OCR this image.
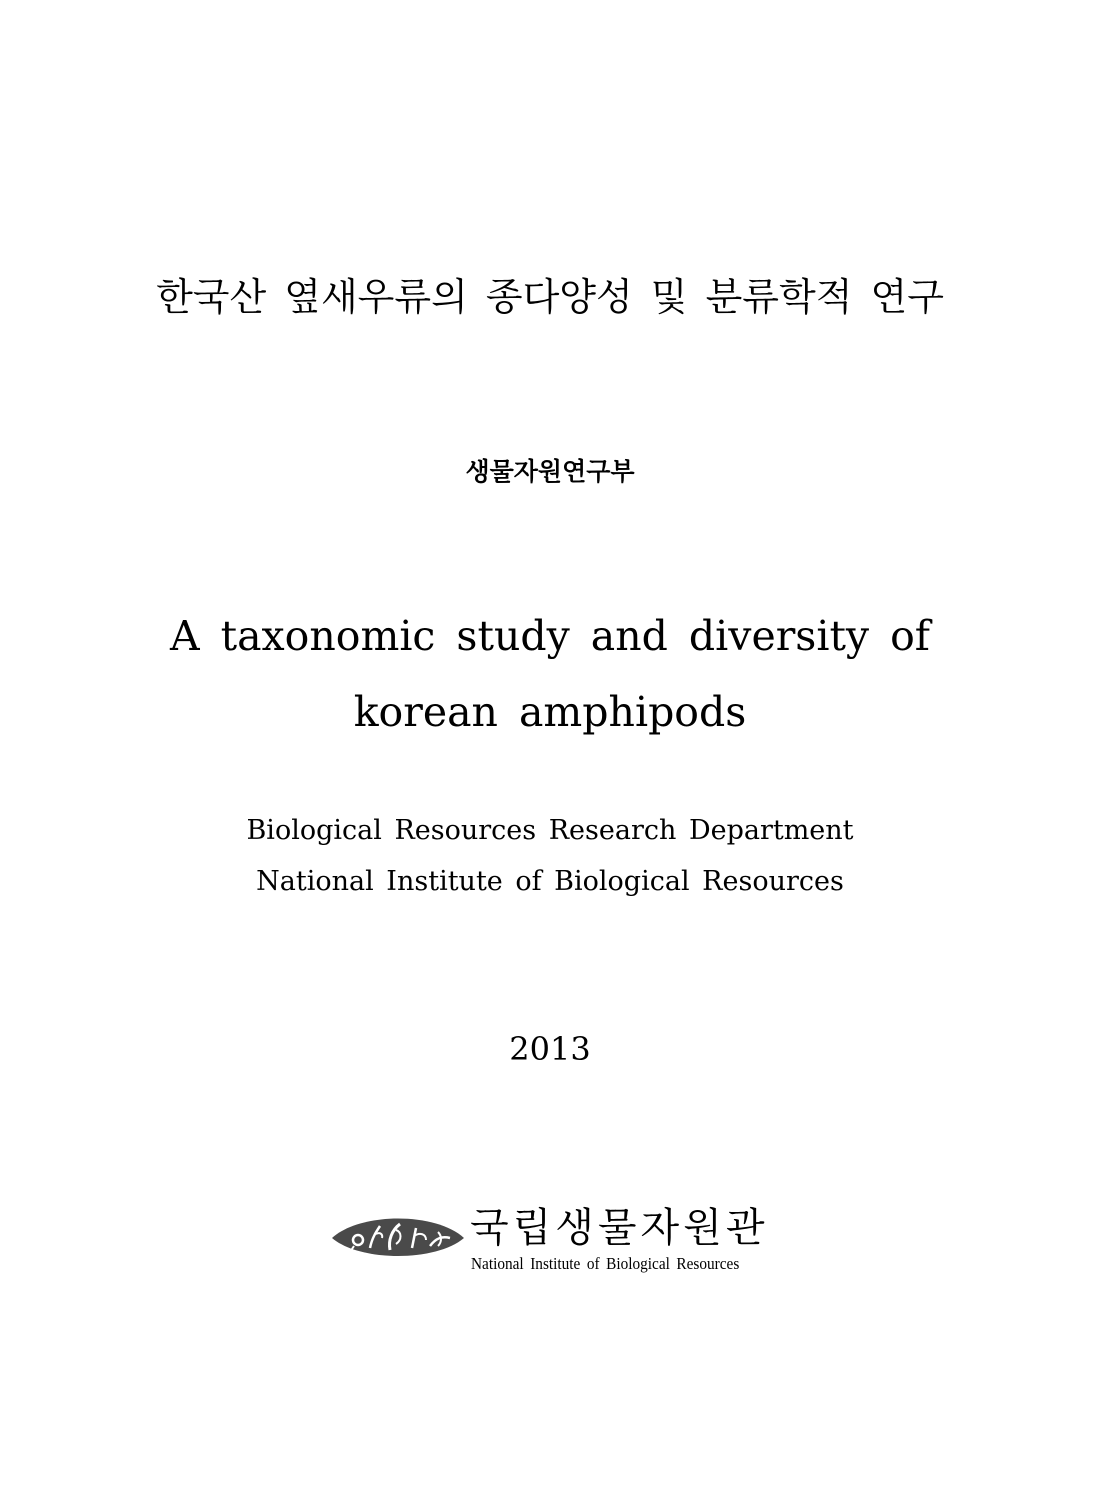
한국산 옆새우류의 종다양성 및 분류학적 연구
생물자원연구부
A taxonomic study and diversity of
korean amphipods
Biological Resources Research Department
National Institute of Biological Resources
2013
국립생물자원관
National Institute of Biological Resources
